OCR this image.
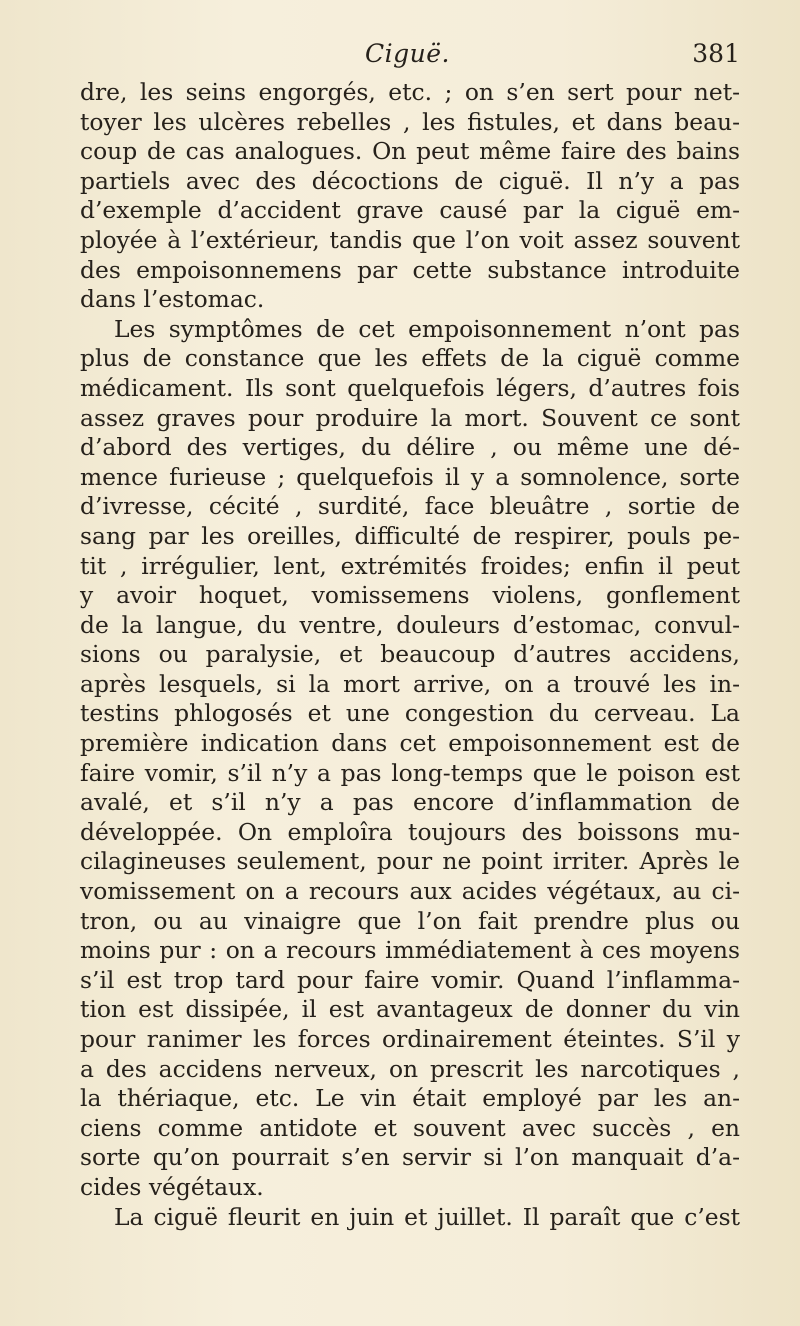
Ciguë.	381
dre, les seins engorgés, etc. ; on s’en sert pour net-
toyer les ulcères rebelles , les fistules, et dans beau-
coup de cas analogues. On peut même faire des bains
partiels avec des décoctions de ciguë. Il n’y a pas
d’exemple d’accident grave causé par la ciguë em-
ployée à l’extérieur, tandis que l’on voit assez souvent
des empoisonnemens par cette substance introduite
dans l’estomac.
Les symptômes de cet empoisonnement n’ont pas
plus de constance que les effets de la ciguë comme
médicament. Ils sont quelquefois légers, d’autres fois
assez graves pour produire la mort. Souvent ce sont
d’abord des vertiges, du délire , ou même une dé-
mence furieuse ; quelquefois il y a somnolence, sorte
d’ivresse, cécité , surdité, face bleuâtre , sortie de
sang par les oreilles, difficulté de respirer, pouls pe-
tit , irrégulier, lent, extrémités froides; enfin il peut
y avoir hoquet, vomissemens violens, gonflement
de la langue, du ventre, douleurs d’estomac, convul-
sions ou paralysie, et beaucoup d’autres accidens,
après lesquels, si la mort arrive, on a trouvé les in-
testins phlogosés et une congestion du cerveau. La
première indication dans cet empoisonnement est de
faire vomir, s’il n’y a pas long-temps que le poison est
avalé, et s’il n’y a pas encore d’inflammation de
développée. On emploîra toujours des boissons mu-
cilagineuses seulement, pour ne point irriter. Après le
vomissement on a recours aux acides végétaux, au ci-
tron, ou au vinaigre que l’on fait prendre plus ou
moins pur : on a recours immédiatement à ces moyens
s’il est trop tard pour faire vomir. Quand l’inflamma-
tion est dissipée, il est avantageux de donner du vin
pour ranimer les forces ordinairement éteintes. S’il y
a des accidens nerveux, on prescrit les narcotiques ,
la thériaque, etc. Le vin était employé par les an-
ciens comme antidote et souvent avec succès , en
sorte qu’on pourrait s’en servir si l’on manquait d’a-
cides végétaux.
La ciguë fleurit en juin et juillet. Il paraît que c’est
